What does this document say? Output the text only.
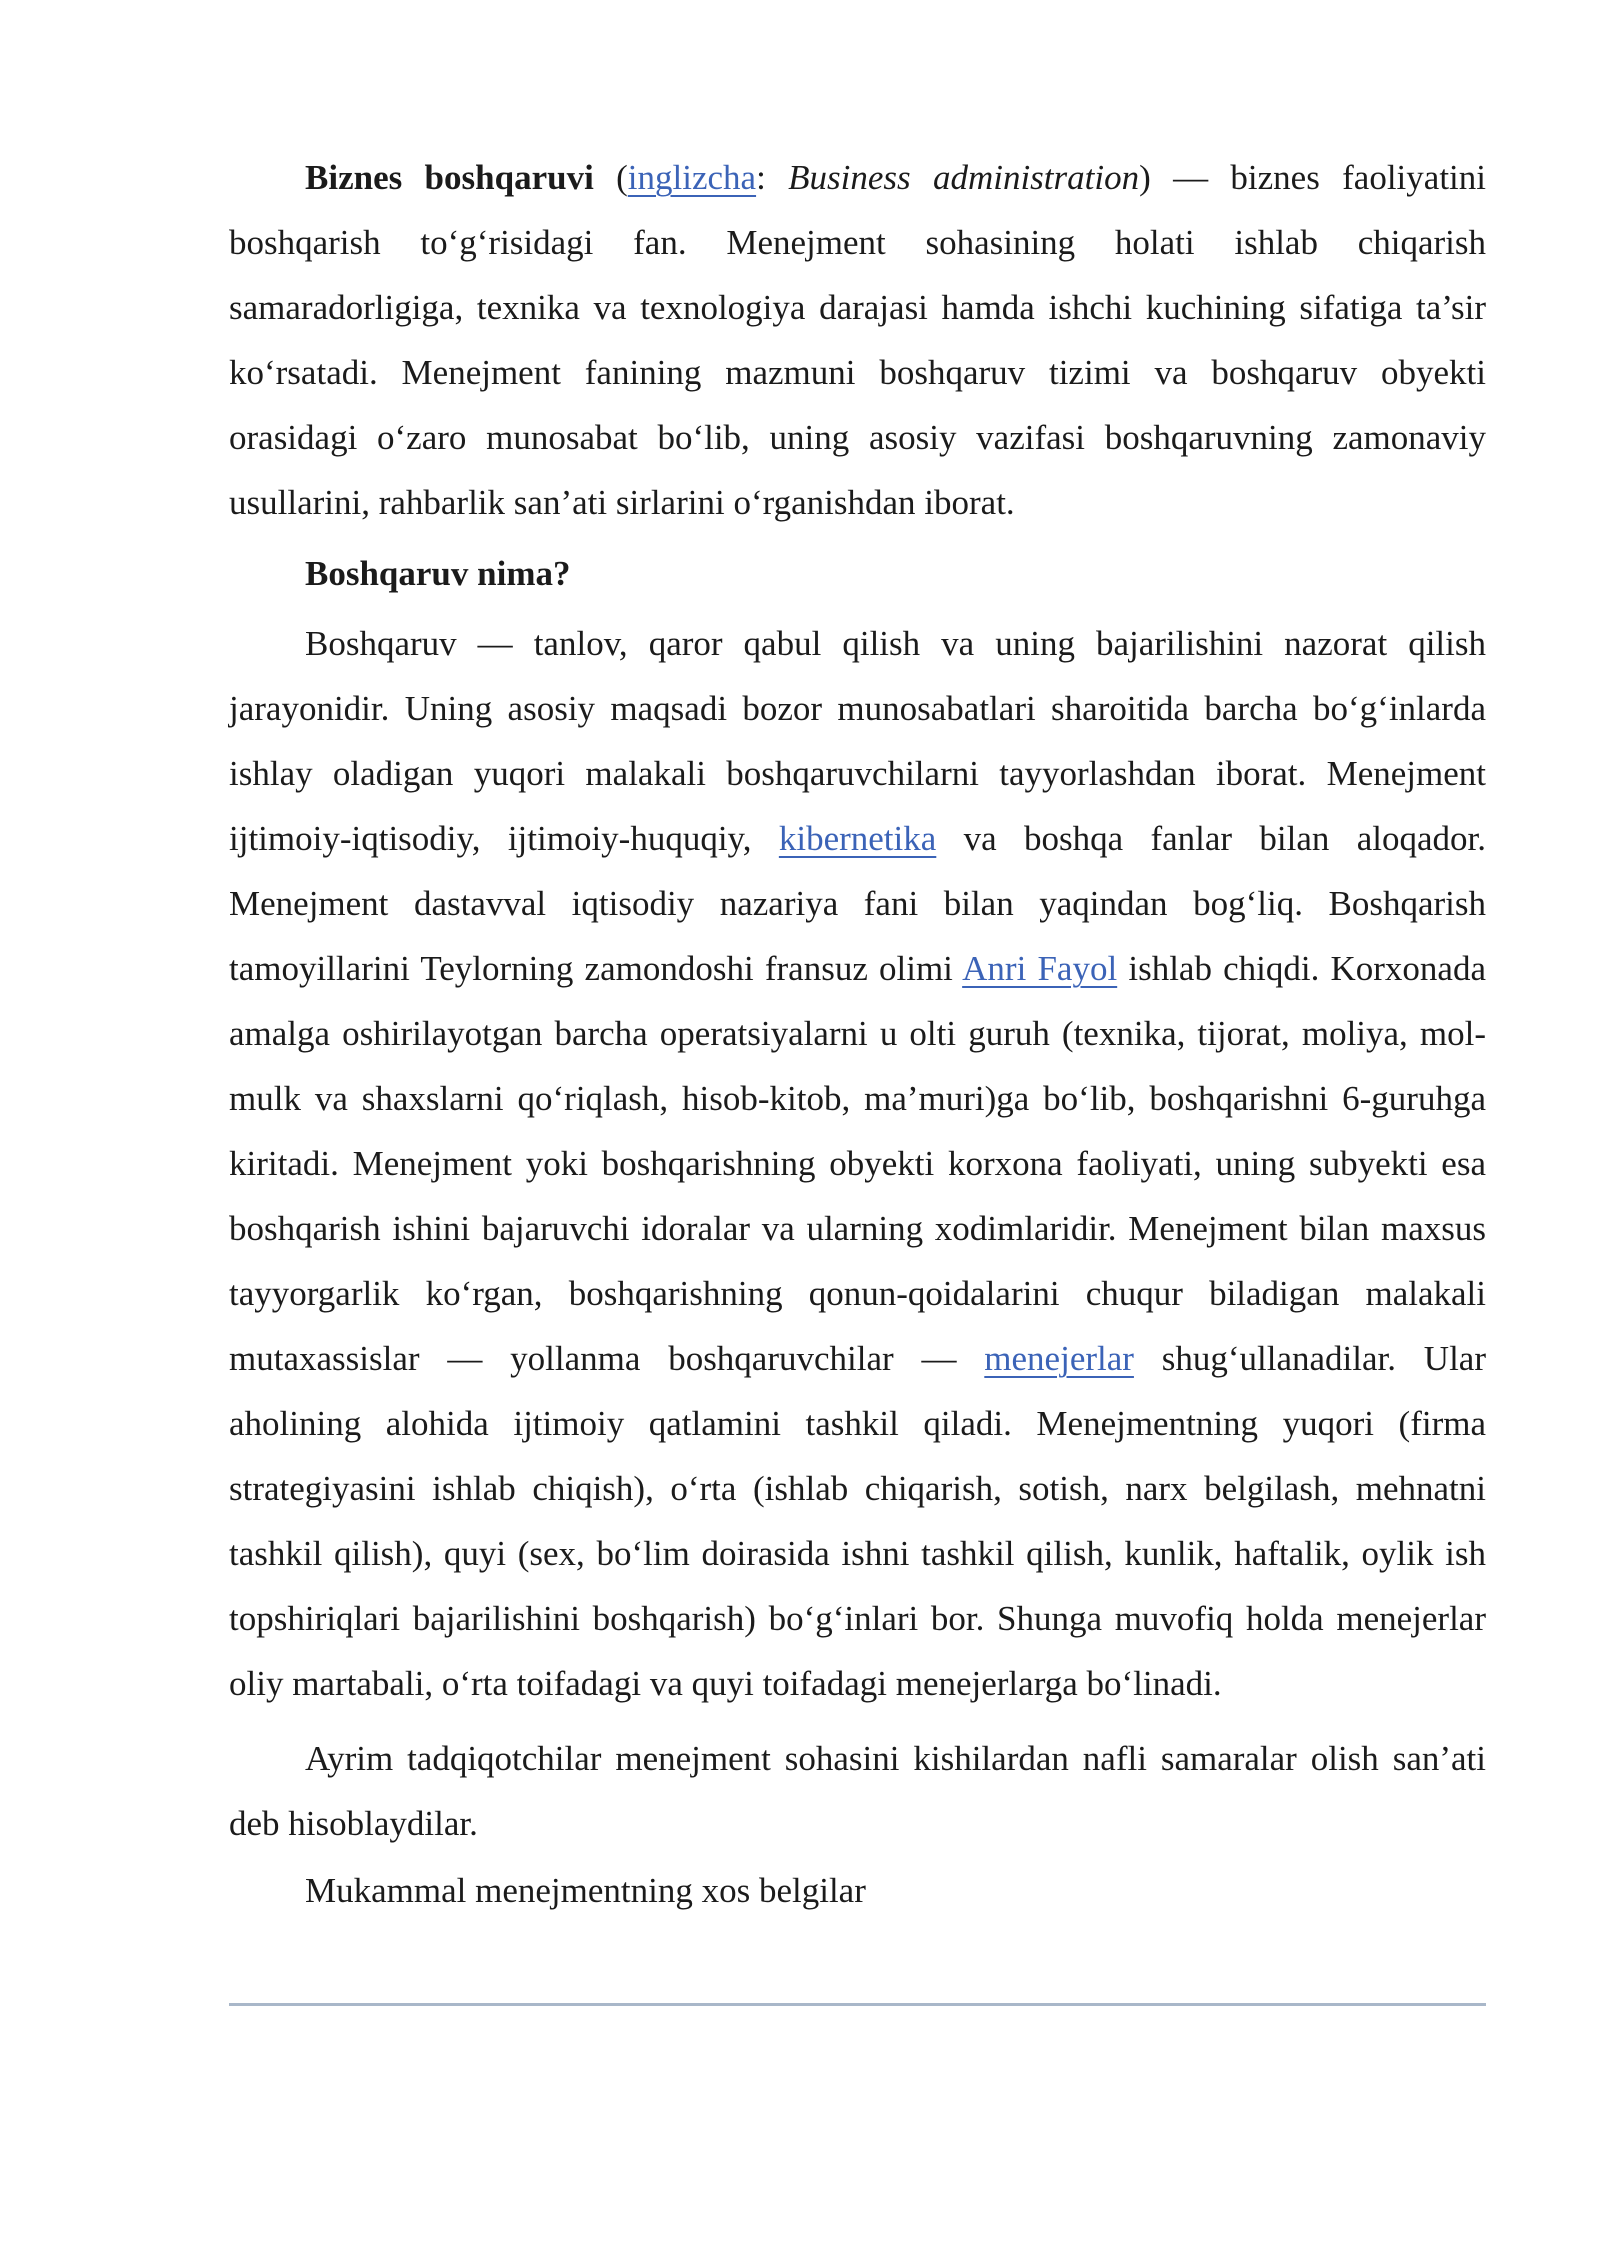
Biznes boshqaruvi (inglizcha: Business administration) — biznes faoliyatini boshqarish to‘g‘risidagi fan. Menejment sohasining holati ishlab chiqarish samaradorligiga, texnika va texnologiya darajasi hamda ishchi kuchining sifatiga ta’sir ko‘rsatadi. Menejment fanining mazmuni boshqaruv tizimi va boshqaruv obyekti orasidagi o‘zaro munosabat bo‘lib, uning asosiy vazifasi boshqaruvning zamonaviy usullarini, rahbarlik san’ati sirlarini o‘rganishdan iborat.

Boshqaruv nima?

Boshqaruv — tanlov, qaror qabul qilish va uning bajarilishini nazorat qilish jarayonidir. Uning asosiy maqsadi bozor munosabatlari sharoitida barcha bo‘g‘inlarda ishlay oladigan yuqori malakali boshqaruvchilarni tayyorlashdan iborat. Menejment ijtimoiy-iqtisodiy, ijtimoiy-huquqiy, kibernetika va boshqa fanlar bilan aloqador. Menejment dastavval iqtisodiy nazariya fani bilan yaqindan bog‘liq. Boshqarish tamoyillarini Teylorning zamondoshi fransuz olimi Anri Fayol ishlab chiqdi. Korxonada amalga oshirilayotgan barcha operatsiyalarni u olti guruh (texnika, tijorat, moliya, mol-mulk va shaxslarni qo‘riqlash, hisob-kitob, ma’muri)ga bo‘lib, boshqarishni 6-guruhga kiritadi. Menejment yoki boshqarishning obyekti korxona faoliyati, uning subyekti esa boshqarish ishini bajaruvchi idoralar va ularning xodimlaridir. Menejment bilan maxsus tayyorgarlik ko‘rgan, boshqarishning qonun-qoidalarini chuqur biladigan malakali mutaxassislar — yollanma boshqaruvchilar — menejerlar shug‘ullanadilar. Ular aholining alohida ijtimoiy qatlamini tashkil qiladi. Menejmentning yuqori (firma strategiyasini ishlab chiqish), o‘rta (ishlab chiqarish, sotish, narx belgilash, mehnatni tashkil qilish), quyi (sex, bo‘lim doirasida ishni tashkil qilish, kunlik, haftalik, oylik ish topshiriqlari bajarilishini boshqarish) bo‘g‘inlari bor. Shunga muvofiq holda menejerlar oliy martabali, o‘rta toifadagi va quyi toifadagi menejerlarga bo‘linadi.

Ayrim tadqiqotchilar menejment sohasini kishilardan nafli samaralar olish san’ati deb hisoblaydilar.

Mukammal menejmentning xos belgilar
